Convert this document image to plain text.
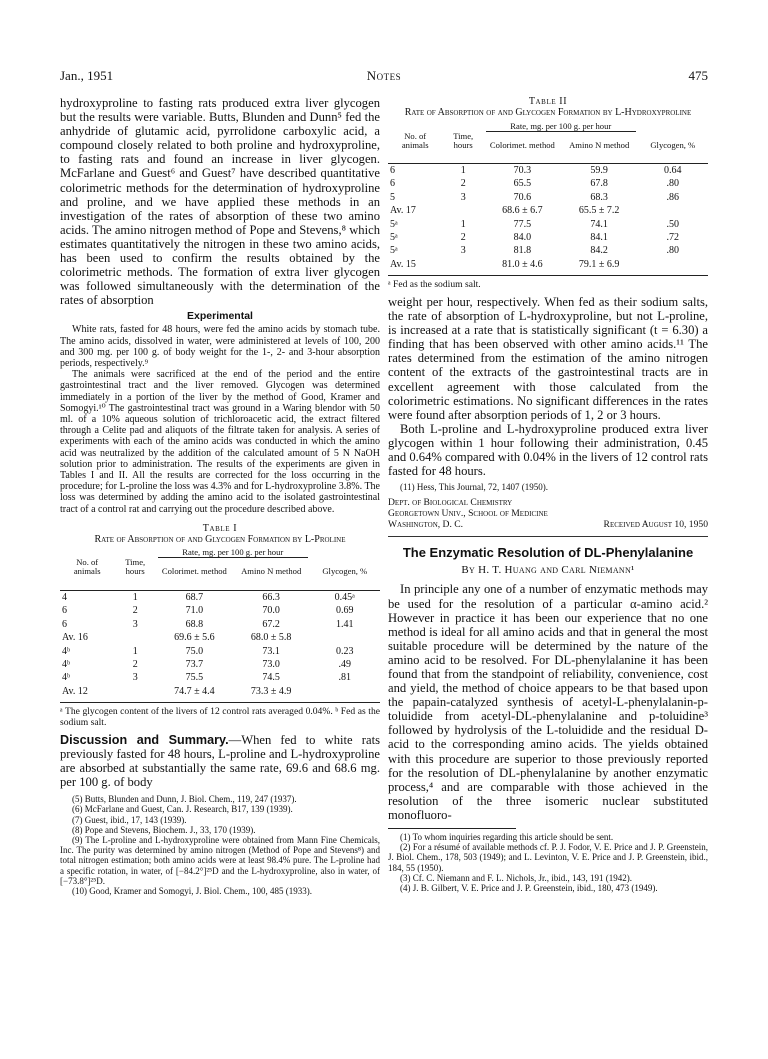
Jan., 1951	Notes	475

hydroxyproline to fasting rats produced extra liver glycogen but the results were variable. Butts, Blunden and Dunn⁵ fed the anhydride of glutamic acid, pyrrolidone carboxylic acid, a compound closely related to both proline and hydroxyproline, to fasting rats and found an increase in liver glycogen. McFarlane and Guest⁶ and Guest⁷ have described quantitative colorimetric methods for the determination of hydroxyproline and proline, and we have applied these methods in an investigation of the rates of absorption of these two amino acids. The amino nitrogen method of Pope and Stevens,⁸ which estimates quantitatively the nitrogen in these two amino acids, has been used to confirm the results obtained by the colorimetric methods. The formation of extra liver glycogen was followed simultaneously with the determination of the rates of absorption

Experimental

White rats, fasted for 48 hours, were fed the amino acids by stomach tube. The amino acids, dissolved in water, were administered at levels of 100, 200 and 300 mg. per 100 g. of body weight for the 1-, 2- and 3-hour absorption periods, respectively.⁹

The animals were sacrificed at the end of the period and the entire gastrointestinal tract and the liver removed. Glycogen was determined immediately in a portion of the liver by the method of Good, Kramer and Somogyi.¹⁰ The gastrointestinal tract was ground in a Waring blendor with 50 ml. of a 10% aqueous solution of trichloroacetic acid, the extract filtered through a Celite pad and aliquots of the filtrate taken for analysis. A series of experiments with each of the amino acids was conducted in which the amino acid was neutralized by the addition of the calculated amount of 5 N NaOH solution prior to administration. The results of the experiments are given in Tables I and II. All the results are corrected for the loss occurring in the procedure; for L-proline the loss was 4.3% and for L-hydroxyproline 3.8%. The loss was determined by adding the amino acid to the isolated gastrointestinal tract of a control rat and carrying out the procedure described above.

Table I
Rate of Absorption of and Glycogen Formation by L-Proline

		Rate, mg. per 100 g. per hour		

No. of animals	Time, hours	Colorimet. method	Amino N method	Glycogen, %

4	1	68.7	66.3	0.45ᵃ
6	2	71.0	70.0	0.69
6	3	68.8	67.2	1.41
Av. 16		69.6 ± 5.6	68.0 ± 5.8	
4ᵇ	1	75.0	73.1	0.23
4ᵇ	2	73.7	73.0	.49
4ᵇ	3	75.5	74.5	.81
Av. 12		74.7 ± 4.4	73.3 ± 4.9	

ᵃ The glycogen content of the livers of 12 control rats averaged 0.04%. ᵇ Fed as the sodium salt.

Discussion and Summary.—When fed to white rats previously fasted for 48 hours, L-proline and L-hydroxyproline are absorbed at substantially the same rate, 69.6 and 68.6 mg. per 100 g. of body

(5) Butts, Blunden and Dunn, J. Biol. Chem., 119, 247 (1937).

(6) McFarlane and Guest, Can. J. Research, B17, 139 (1939).

(7) Guest, ibid., 17, 143 (1939).

(8) Pope and Stevens, Biochem. J., 33, 170 (1939).

(9) The L-proline and L-hydroxyproline were obtained from Mann Fine Chemicals, Inc. The purity was determined by amino nitrogen (Method of Pope and Stevens⁸) and total nitrogen estimation; both amino acids were at least 98.4% pure. The L-proline had a specific rotation, in water, of [−84.2°]²⁵D and the L-hydroxyproline, also in water, of [−73.8°]²⁵D.

(10) Good, Kramer and Somogyi, J. Biol. Chem., 100, 485 (1933).

Table II
Rate of Absorption of and Glycogen Formation by L-Hydroxyproline

		Rate, mg. per 100 g. per hour		

No. of animals	Time, hours	Colorimet. method	Amino N method	Glycogen, %

6	1	70.3	59.9	0.64
6	2	65.5	67.8	.80
5	3	70.6	68.3	.86
Av. 17		68.6 ± 6.7	65.5 ± 7.2	
5ᵃ	1	77.5	74.1	.50
5ᵃ	2	84.0	84.1	.72
5ᵃ	3	81.8	84.2	.80
Av. 15		81.0 ± 4.6	79.1 ± 6.9	

ᵃ Fed as the sodium salt.

weight per hour, respectively. When fed as their sodium salts, the rate of absorption of L-hydroxyproline, but not L-proline, is increased at a rate that is statistically significant (t = 6.30) a finding that has been observed with other amino acids.¹¹ The rates determined from the estimation of the amino nitrogen content of the extracts of the gastrointestinal tracts are in excellent agreement with those calculated from the colorimetric estimations. No significant differences in the rates were found after absorption periods of 1, 2 or 3 hours.

Both L-proline and L-hydroxyproline produced extra liver glycogen within 1 hour following their administration, 0.45 and 0.64% compared with 0.04% in the livers of 12 control rats fasted for 48 hours.

(11) Hess, This Journal, 72, 1407 (1950).

Dept. of Biological Chemistry
Georgetown Univ., School of Medicine
Washington, D. C.	Received August 10, 1950
The Enzymatic Resolution of DL-Phenylalanine
By H. T. Huang and Carl Niemann¹

In principle any one of a number of enzymatic methods may be used for the resolution of a particular α-amino acid.² However in practice it has been our experience that no one method is ideal for all amino acids and that in general the most suitable procedure will be determined by the nature of the amino acid to be resolved. For DL-phenylalanine it has been found that from the standpoint of reliability, convenience, cost and yield, the method of choice appears to be that based upon the papain-catalyzed synthesis of acetyl-L-phenylalanin-p-toluidide from acetyl-DL-phenylalanine and p-toluidine³ followed by hydrolysis of the L-toluidide and the residual D-acid to the corresponding amino acids. The yields obtained with this procedure are superior to those previously reported for the resolution of DL-phenylalanine by another enzymatic process,⁴ and are comparable with those achieved in the resolution of the three isomeric nuclear substituted monofluoro-

(1) To whom inquiries regarding this article should be sent.

(2) For a résumé of available methods cf. P. J. Fodor, V. E. Price and J. P. Greenstein, J. Biol. Chem., 178, 503 (1949); and L. Levinton, V. E. Price and J. P. Greenstein, ibid., 184, 55 (1950).

(3) Cf. C. Niemann and F. L. Nichols, Jr., ibid., 143, 191 (1942).

(4) J. B. Gilbert, V. E. Price and J. P. Greenstein, ibid., 180, 473 (1949).
